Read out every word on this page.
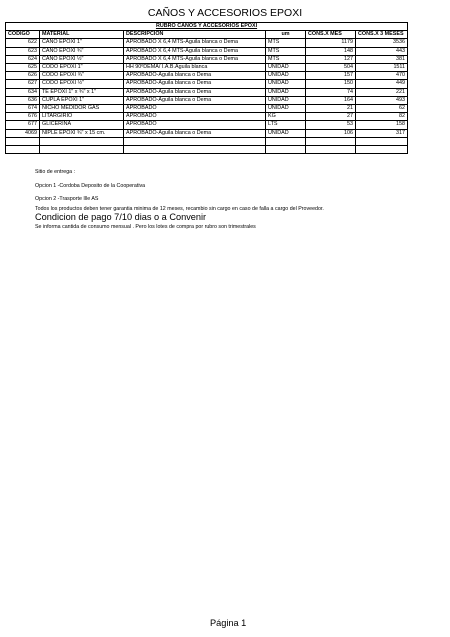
CAÑOS Y ACCESORIOS EPOXI
RUBRO CANOS Y ACCESORIOS EPOXI					
CODIGO	MATERIAL	DESCRIPCION	um	CONS.X MES	CONS.X 3 MESES
622	CAÑO EPOXI 1"	APROBADO X 6,4 MTS-Aguila blanca o Dema	MTS	1179	3536
623	CAÑO EPOXI ¾"	APROBADO X 6,4 MTS-Aguila blanca o Dema	MTS	148	443
624	CAÑO EPOXI ½"	APROBADO X 6,4 MTS-Aguila blanca o Dema	MTS	127	381
625	CODO EPOXI 1"	HH 90ºDEMA/ I.A.B.Aguila blanca	UNIDAD	504	1511
626	CODO EPOXI ¾"	APROBADO-Aguila blanca o Dema	UNIDAD	157	470
627	CODO EPOXI ½"	APROBADO-Aguila blanca o Dema	UNIDAD	150	449
634	TE EPOXI 1" x ¾" x 1"	APROBADO-Aguila blanca o Dema	UNIDAD	74	221
636	CUPLA EPOXI 1"	APROBADO-Aguila blanca o Dema	UNIDAD	164	493
674	NICHO MEDIDOR GAS	APROBADO	UNIDAD	21	62
676	LITARGIRIO	APROBADO	KG	27	82
677	GLICERINA	APROBADO	LTS	53	158
4069	NIPLE EPOXI ¾" x 15 cm.	APROBADO-Aguila blanca o Dema	UNIDAD	106	317

Sitio de entrega :
Opcion 1 -Cordoba Deposito de la Cooperativa
Opcion 2 -Trasporte Ille AS
Todos los productos deben tener garantia minima de 12 meses, recambio sin cargo en caso de falla a cargo del Proveedor.
Condicion de pago 7/10 dias o a Convenir
Se informa cantida de consumo mensual . Pero los lotes de compra por rubro son trimestrales
Página 1
